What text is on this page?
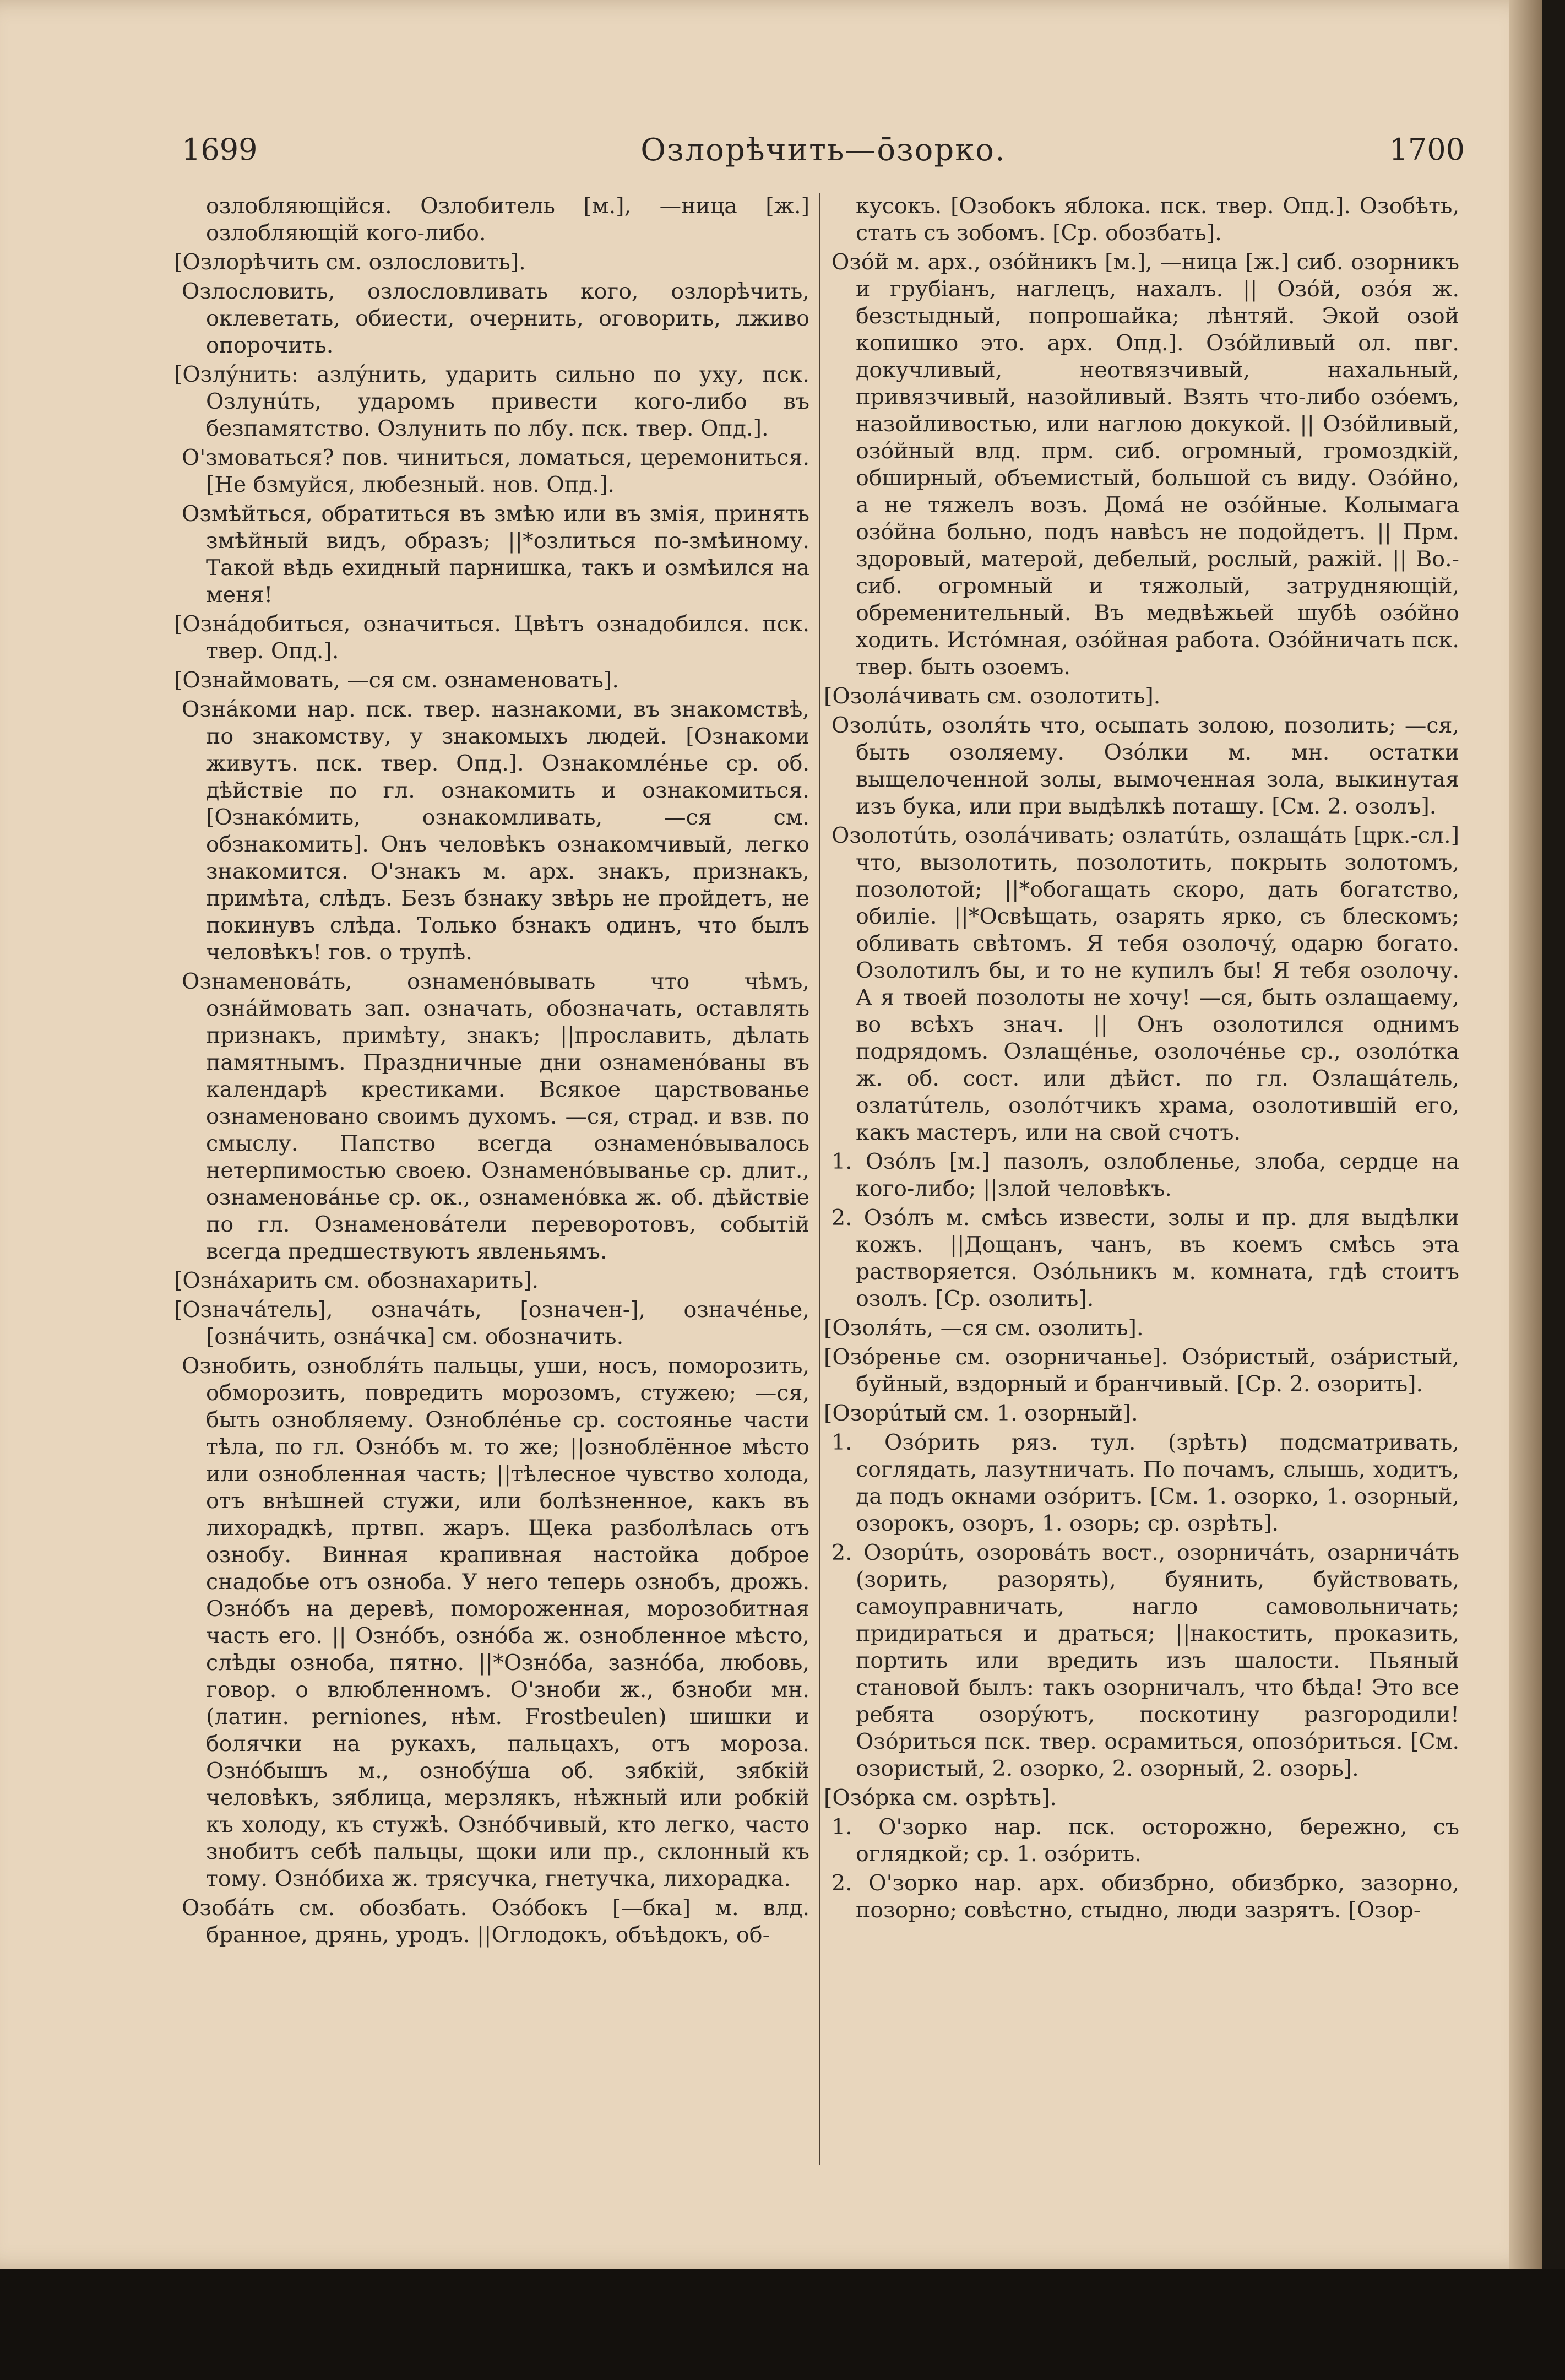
1699	Озлорѣчить—ōзорко.	1700

озлобляющійся. Озлобитель [м.], —ница [ж.] озлобляющій кого-либо.

[Озлорѣчить см. озлословить].

Озлословить, озлословливать кого, озлорѣчить, оклеветать, обиести, очернить, оговорить, лживо опорочить.

[Озлýнить: азлýнить, ударить сильно по уху, пск. Озлунúть, ударомъ привести кого-либо въ безпамятство. Озлунить по лбу. пск. твер. Опд.].

О'змоваться? пов. чиниться, ломаться, церемониться. [Не бзмуйся, любезный. нов. Опд.].

Озмѣйться, обратиться въ змѣю или въ змія, принять змѣйный видъ, образъ; ||*озлиться по-змѣиному. Такой вѣдь ехидный парнишка, такъ и озмѣился на меня!

[Озна́добиться, означиться. Цвѣтъ ознадобился. пск. твер. Опд.].

[Ознаймовать, —ся см. ознаменовать].

Озна́коми нар. пск. твер. назнакоми, въ знакомствѣ, по знакомству, у знакомыхъ людей. [Ознакоми живутъ. пск. твер. Опд.]. Ознакомлéнье ср. об. дѣйствіе по гл. ознакомить и ознакомиться. [Ознакóмить, ознакомливать, —ся см. обзнакомить]. Онъ человѣкъ ознакомчивый, легко знакомится. О'знакъ м. арх. знакъ, признакъ, примѣта, слѣдъ. Безъ бзнаку звѣрь не пройдетъ, не покинувъ слѣда. Только бзнакъ одинъ, что былъ человѣкъ! гов. о трупѣ.

Ознаменова́ть, ознаменóвывать что чѣмъ, озна́ймовать зап. означать, обозначать, оставлять признакъ, примѣту, знакъ; ||прославить, дѣлать памятнымъ. Праздничные дни ознаменóваны въ календарѣ крестиками. Всякое царствованье ознаменовано своимъ духомъ. —ся, страд. и взв. по смыслу. Папство всегда ознаменóвывалось нетерпимостью своею. Ознаменóвыванье ср. длит., ознаменова́нье ср. ок., ознаменóвка ж. об. дѣйствіе по гл. Ознаменова́тели переворотовъ, событій всегда предшествуютъ явленьямъ.

[Озна́харить см. обознахарить].

[Означа́тель], означа́ть, [означен-], означéнье, [озна́чить, озна́чка] см. обозначить.

Ознобить, ознобля́ть пальцы, уши, носъ, поморозить, обморозить, повредить морозомъ, стужею; —ся, быть ознобляему. Ознобле́нье ср. состоянье части тѣла, по гл. Ознóбъ м. то же; ||озноблённое мѣсто или ознобленная часть; ||тѣлесное чувство холода, отъ внѣшней стужи, или болѣзненное, какъ въ лихорадкѣ, пртвп. жаръ. Щека разболѣлась отъ ознобу. Винная крапивная настойка доброе снадобье отъ озноба. У него теперь ознобъ, дрожь. Ознóбъ на деревѣ, помороженная, морозобитная часть его. || Ознóбъ, ознóба ж. ознобленное мѣсто, слѣды озноба, пятно. ||*Ознóба, зазнóба, любовь, говор. о влюбленномъ. О'зноби ж., бзноби мн. (латин. perniones, нѣм. Frostbeulen) шишки и болячки на рукахъ, пальцахъ, отъ мороза. Ознóбышъ м., ознобýша об. зябкій, зябкій человѣкъ, зяблица, мерзлякъ, нѣжный или робкій къ холоду, къ стужѣ. Ознóбчивый, кто легко, часто знобитъ себѣ пальцы, щоки или пр., склонный къ тому. Ознóбиха ж. трясучка, гнетучка, лихорадка.

Озоба́ть см. обозбать. Озóбокъ [—бка] м. влд. бранное, дрянь, уродъ. ||Оглодокъ, объѣдокъ, об-

кусокъ. [Озобокъ яблока. пск. твер. Опд.]. Озобѣть, стать съ зобомъ. [Ср. обозбать].

Озóй м. арх., озóйникъ [м.], —ница [ж.] сиб. озорникъ и грубіанъ, наглецъ, нахалъ. || Озóй, озóя ж. безстыдный, попрошайка; лѣнтяй. Экой озой копишко это. арх. Опд.]. Озóйливый ол. пвг. докучливый, неотвязчивый, нахальный, привязчивый, назойливый. Взять что-либо озóемъ, назойливостью, или наглою докукой. || Озóйливый, озóйный влд. прм. сиб. огромный, громоздкій, обширный, объемистый, большой съ виду. Озóйно, а не тяжелъ возъ. Домá не озóйные. Колымага озóйна больно, подъ навѣсъ не подойдетъ. || Прм. здоровый, матерой, дебелый, рослый, ражій. || Во.-сиб. огромный и тяжолый, затрудняющій, обременительный. Въ медвѣжьей шубѣ озóйно ходить. Истóмная, озóйная работа. Озóйничать пск. твер. быть озоемъ.

[Озола́чивать см. озолотить].

Озолúть, озоля́ть что, осыпать золою, позолить; —ся, быть озоляему. Озóлки м. мн. остатки выщелоченной золы, вымоченная зола, выкинутая изъ бука, или при выдѣлкѣ поташу. [См. 2. озолъ].

Озолотúть, озола́чивать; озлатúть, озлащáть [црк.-сл.] что, вызолотить, позолотить, покрыть золотомъ, позолотой; ||*обогащать скоро, дать богатство, обиліе. ||*Освѣщать, озарять ярко, съ блескомъ; обливать свѣтомъ. Я тебя озолочý, одарю богато. Озолотилъ бы, и то не купилъ бы! Я тебя озолочу. А я твоей позолоты не хочу! —ся, быть озлащаему, во всѣхъ знач. || Онъ озолотился однимъ подрядомъ. Озлащéнье, озолочéнье ср., озолóтка ж. об. сост. или дѣйст. по гл. Озлащáтель, озлатúтель, озолóтчикъ храма, озолотившій его, какъ мастеръ, или на свой счотъ.

1. Озóлъ [м.] пазолъ, озлобленье, злоба, сердце на кого-либо; ||злой человѣкъ.

2. Озóлъ м. смѣсь извести, золы и пр. для выдѣлки кожъ. ||Дощанъ, чанъ, въ коемъ смѣсь эта растворяется. Озóльникъ м. комната, гдѣ стоитъ озолъ. [Ср. озолить].

[Озоля́ть, —ся см. озолить].

[Озóренье см. озорничанье]. Озóристый, озáристый, буйный, вздорный и бранчивый. [Ср. 2. озорить].

[Озорúтый см. 1. озорный].

1. Озóрить ряз. тул. (зрѣть) подсматривать, соглядать, лазутничать. По почамъ, слышь, ходитъ, да подъ окнами озóритъ. [См. 1. озорко, 1. озорный, озорокъ, озоръ, 1. озорь; ср. озрѣть].

2. Озорúть, озоровáть вост., озорничáть, озарничáть (зорить, разорять), буянить, буйствовать, самоуправничать, нагло самовольничать; придираться и драться; ||накостить, проказить, портить или вредить изъ шалости. Пьяный становой былъ: такъ озорничалъ, что бѣда! Это все ребята озорýютъ, поскотину разгородили! Озóриться пск. твер. осрамиться, опозóриться. [См. озористый, 2. озорко, 2. озорный, 2. озорь].

[Озóрка см. озрѣть].

1. О'зорко нар. пск. осторожно, бережно, съ оглядкой; ср. 1. озóрить.

2. О'зорко нар. арх. обизбрно, обизбрко, зазорно, позорно; совѣстно, стыдно, люди зазрятъ. [Озор-
